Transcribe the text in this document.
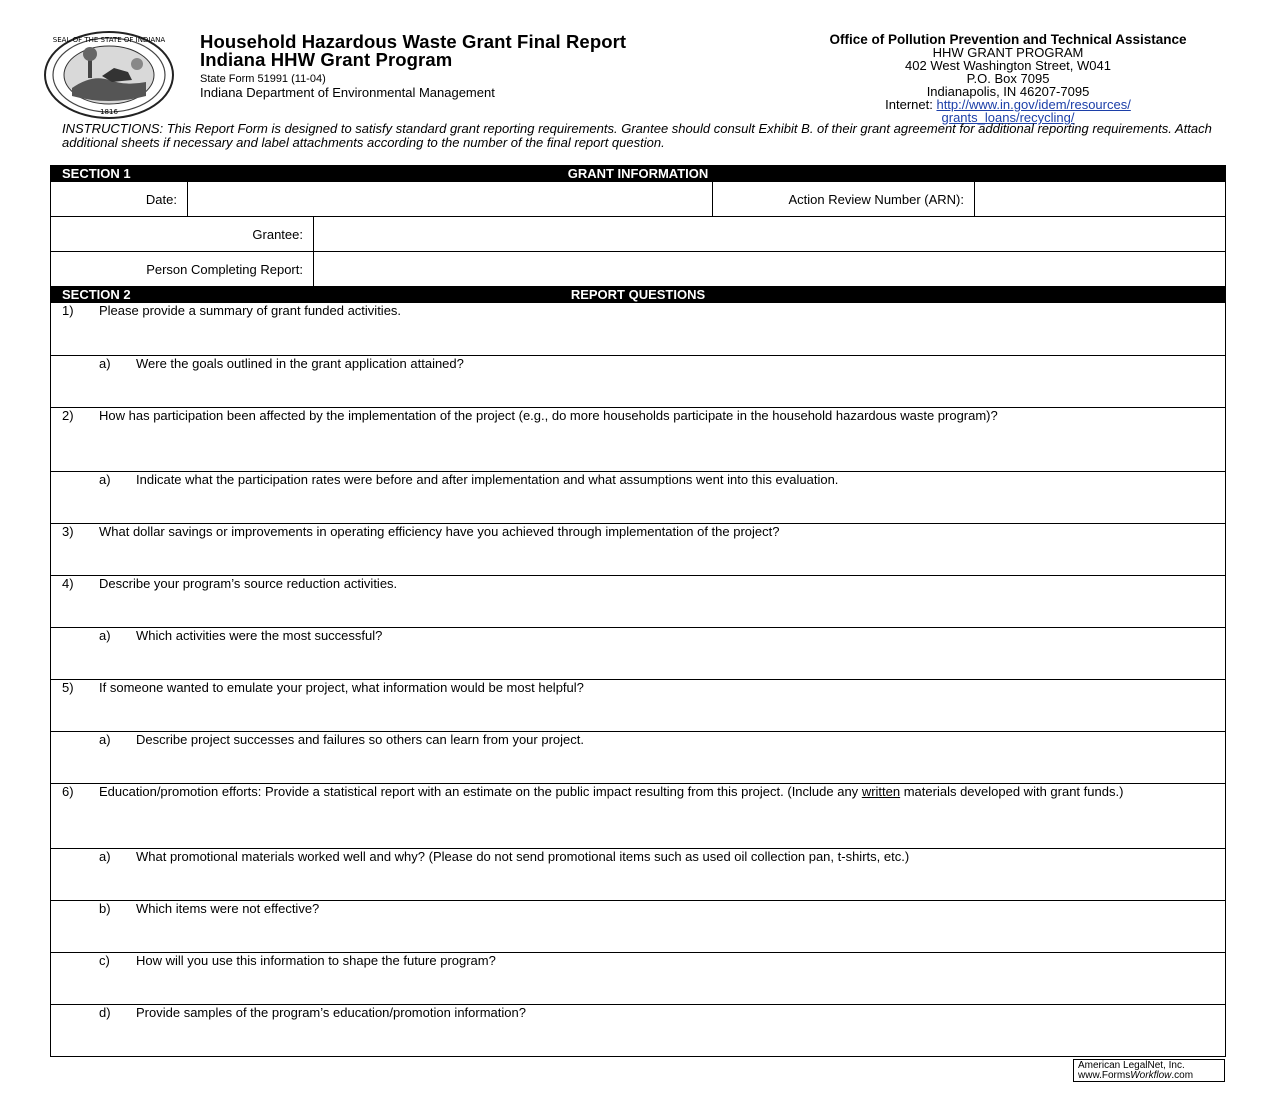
SEAL OF THE STATE OF INDIANA
1816
Household Hazardous Waste Grant Final Report
Indiana HHW Grant Program
State Form 51991 (11-04)
Indiana Department of Environmental Management
Office of Pollution Prevention and Technical Assistance
HHW GRANT PROGRAM
402 West Washington Street, W041
P.O. Box 7095
Indianapolis, IN 46207-7095
Internet: http://www.in.gov/idem/resources/
grants_loans/recycling/
INSTRUCTIONS: This Report Form is designed to satisfy standard grant reporting requirements. Grantee should consult Exhibit B. of their grant agreement for additional reporting requirements. Attach additional sheets if necessary and label attachments according to the number of the final report question.
SECTION 1	GRANT INFORMATION
Date:	Action Review Number (ARN):
Grantee:
Person Completing Report:
SECTION 2	REPORT QUESTIONS
1) Please provide a summary of grant funded activities.
a) Were the goals outlined in the grant application attained?
2) How has participation been affected by the implementation of the project (e.g., do more households participate in the household hazardous waste program)?
a) Indicate what the participation rates were before and after implementation and what assumptions went into this evaluation.
3) What dollar savings or improvements in operating efficiency have you achieved through implementation of the project?
4) Describe your program’s source reduction activities.
a) Which activities were the most successful?
5) If someone wanted to emulate your project, what information would be most helpful?
a) Describe project successes and failures so others can learn from your project.
6) Education/promotion efforts: Provide a statistical report with an estimate on the public impact resulting from this project. (Include any written materials developed with grant funds.)
a) What promotional materials worked well and why? (Please do not send promotional items such as used oil collection pan, t-shirts, etc.)
b) Which items were not effective?
c) How will you use this information to shape the future program?
d) Provide samples of the program’s education/promotion information?
American LegalNet, Inc.
www.FormsWorkflow.com
